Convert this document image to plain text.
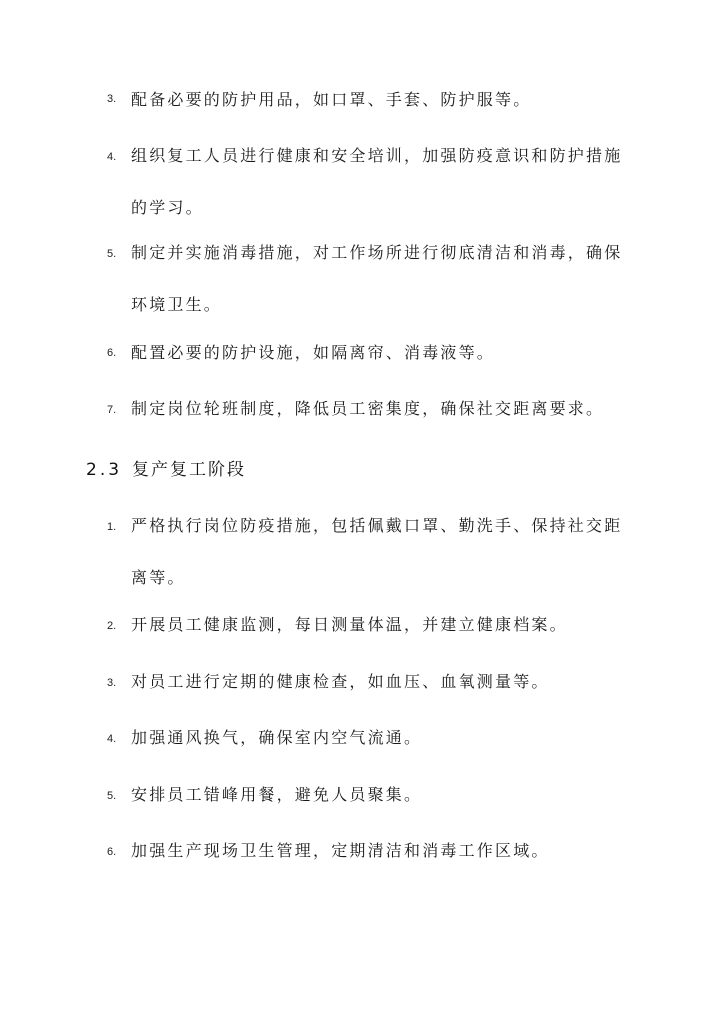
3. 配备必要的防护用品，如口罩、手套、防护服等。
4. 组织复工人员进行健康和安全培训，加强防疫意识和防护措施的学习。
5. 制定并实施消毒措施，对工作场所进行彻底清洁和消毒，确保环境卫生。
6. 配置必要的防护设施，如隔离帘、消毒液等。
7. 制定岗位轮班制度，降低员工密集度，确保社交距离要求。
2.3 复产复工阶段
1. 严格执行岗位防疫措施，包括佩戴口罩、勤洗手、保持社交距离等。
2. 开展员工健康监测，每日测量体温，并建立健康档案。
3. 对员工进行定期的健康检查，如血压、血氧测量等。
4. 加强通风换气，确保室内空气流通。
5. 安排员工错峰用餐，避免人员聚集。
6. 加强生产现场卫生管理，定期清洁和消毒工作区域。
